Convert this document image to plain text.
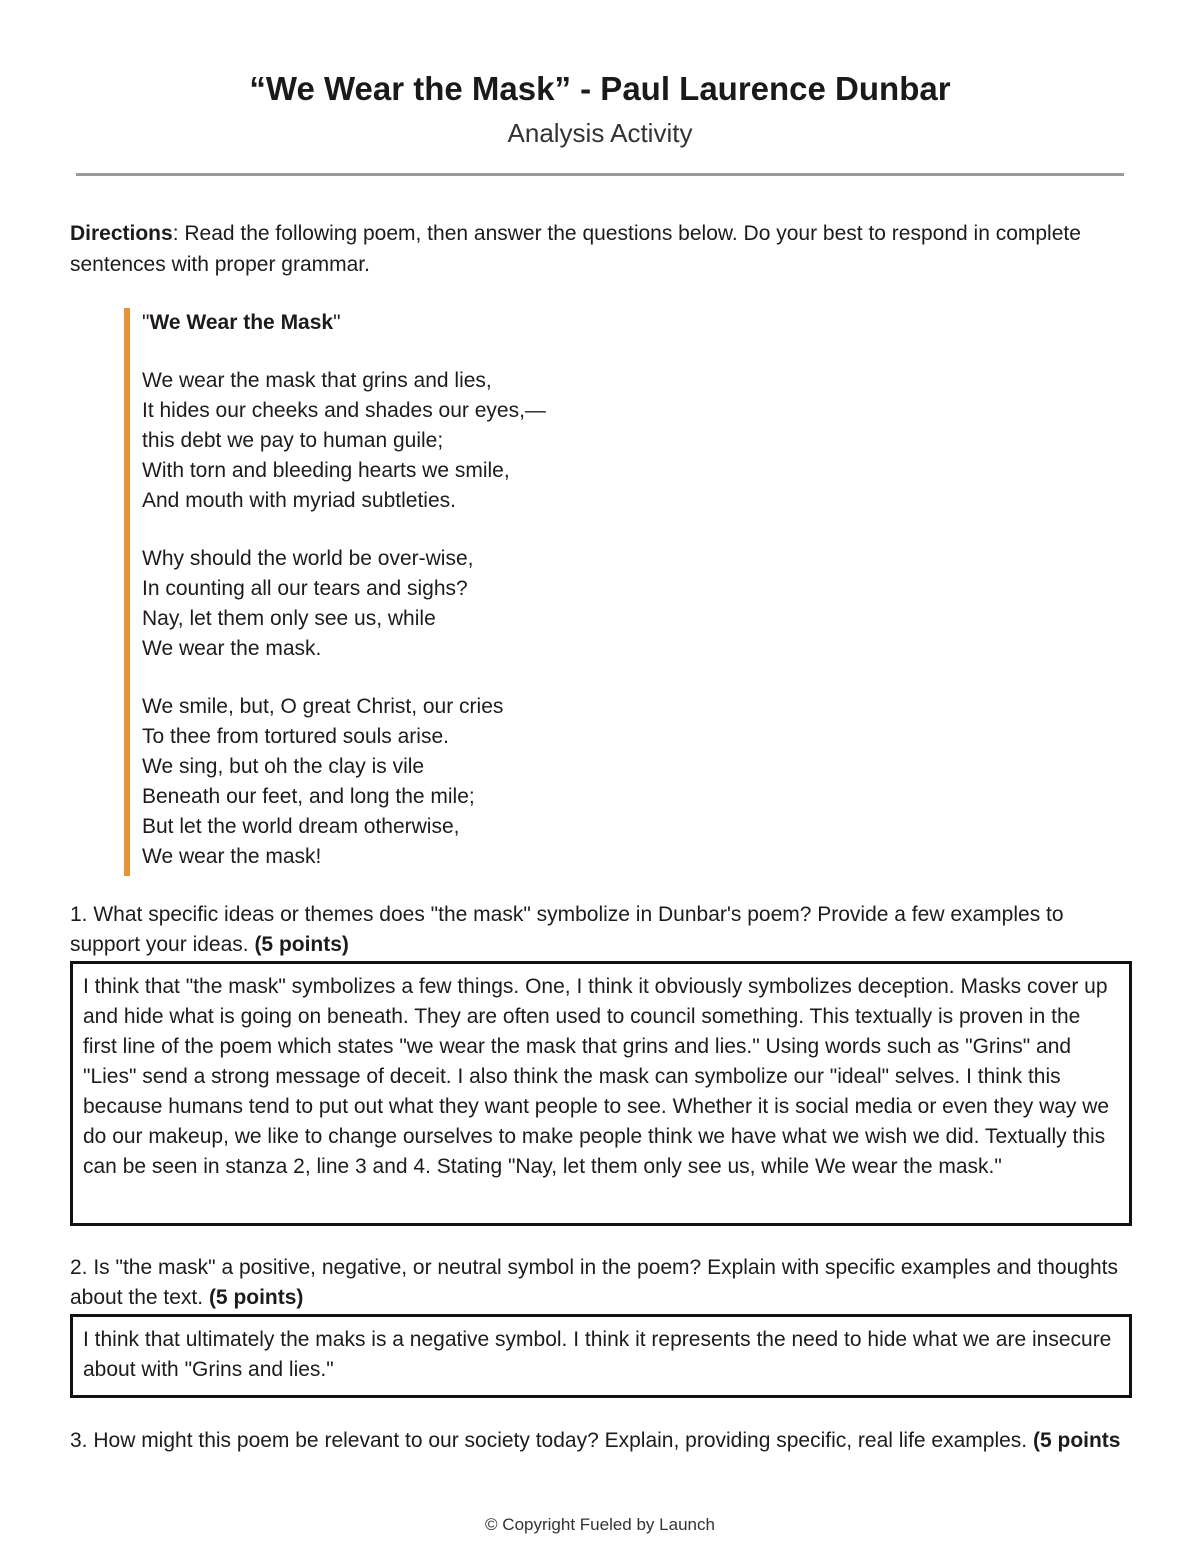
“We Wear the Mask” - Paul Laurence Dunbar
Analysis Activity
Directions: Read the following poem, then answer the questions below. Do your best to respond in complete sentences with proper grammar.
"We Wear the Mask"
We wear the mask that grins and lies,
It hides our cheeks and shades our eyes,—
this debt we pay to human guile;
With torn and bleeding hearts we smile,
And mouth with myriad subtleties.
Why should the world be over-wise,
In counting all our tears and sighs?
Nay, let them only see us, while
We wear the mask.
We smile, but, O great Christ, our cries
To thee from tortured souls arise.
We sing, but oh the clay is vile
Beneath our feet, and long the mile;
But let the world dream otherwise,
We wear the mask!
1. What specific ideas or themes does "the mask" symbolize in Dunbar's poem? Provide a few examples to support your ideas. (5 points)
I think that "the mask" symbolizes a few things. One, I think it obviously symbolizes deception. Masks cover up and hide what is going on beneath. They are often used to council something. This textually is proven in the first line of the poem which states "we wear the mask that grins and lies." Using words such as "Grins" and "Lies" send a strong message of deceit. I also think the mask can symbolize our "ideal" selves. I think this because humans tend to put out what they want people to see. Whether it is social media or even they way we do our makeup, we like to change ourselves to make people think we have what we wish we did. Textually this can be seen in stanza 2, line 3 and 4. Stating "Nay, let them only see us, while We wear the mask."
2. Is "the mask" a positive, negative, or neutral symbol in the poem? Explain with specific examples and thoughts about the text. (5 points)
I think that ultimately the maks is a negative symbol. I think it represents the need to hide what we are insecure about with "Grins and lies."
3. How might this poem be relevant to our society today? Explain, providing specific, real life examples. (5 points
© Copyright Fueled by Launch
